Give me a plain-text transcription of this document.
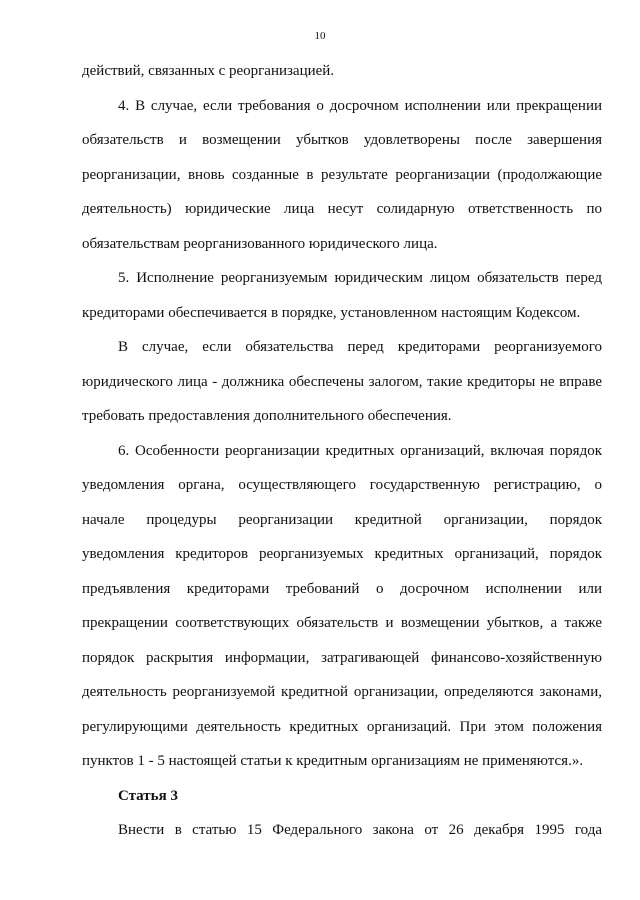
10
действий, связанных с реорганизацией.
4. В случае, если требования о досрочном исполнении или прекращении
обязательств и возмещении убытков удовлетворены после завершения
реорганизации, вновь созданные в результате реорганизации (продолжающие
деятельность) юридические лица несут солидарную ответственность по
обязательствам реорганизованного юридического лица.
5. Исполнение реорганизуемым юридическим лицом обязательств перед
кредиторами обеспечивается в порядке, установленном настоящим Кодексом.
В случае, если обязательства перед кредиторами реорганизуемого
юридического лица - должника обеспечены залогом, такие кредиторы не вправе
требовать предоставления дополнительного обеспечения.
6. Особенности реорганизации кредитных организаций, включая порядок
уведомления органа, осуществляющего государственную регистрацию, о
начале процедуры реорганизации кредитной организации, порядок
уведомления кредиторов реорганизуемых кредитных организаций, порядок
предъявления кредиторами требований о досрочном исполнении или
прекращении соответствующих обязательств и возмещении убытков, а также
порядок раскрытия информации, затрагивающей финансово-хозяйственную
деятельность реорганизуемой кредитной организации, определяются законами,
регулирующими деятельность кредитных организаций. При этом положения
пунктов 1 - 5 настоящей статьи к кредитным организациям не применяются.».
Статья 3
Внести в статью 15 Федерального закона от 26 декабря 1995 года
